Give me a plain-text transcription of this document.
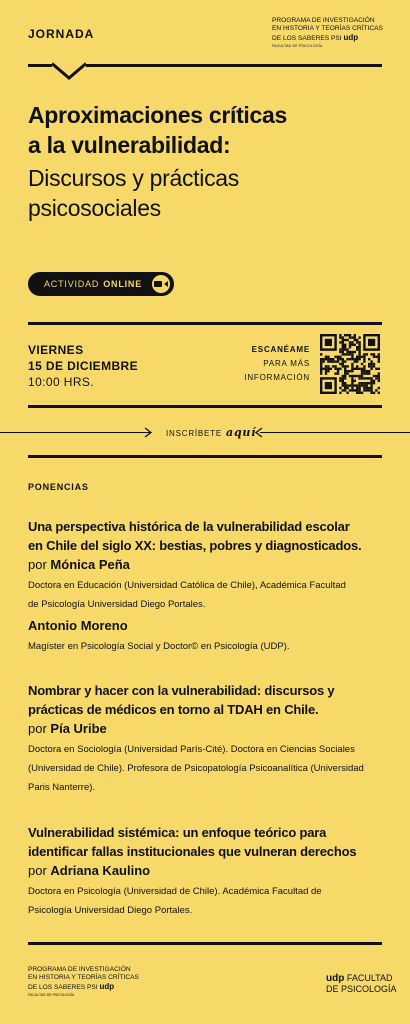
JORNADA
PROGRAMA DE INVESTIGACIÓN
EN HISTORIA Y TEORÍAS CRÍTICAS
DE LOS SABERES PSI udp
FACULTAD DE PSICOLOGÍA
Aproximaciones críticas
a la vulnerabilidad:
Discursos y prácticas
psicosociales
ACTIVIDAD ONLINE
VIERNES
15 DE DICIEMBRE
10:00 HRS.
ESCANÉAME
PARA MÁS
INFORMACIÓN
INSCRÍBETE aquí
PONENCIAS
Una perspectiva histórica de la vulnerabilidad escolar
en Chile del siglo XX: bestias, pobres y diagnosticados.
por Mónica Peña
Doctora en Educación (Universidad Católica de Chile), Académica Facultad
de Psicología Universidad Diego Portales.
Antonio Moreno
Magíster en Psicología Social y Doctor© en Psicología (UDP).
Nombrar y hacer con la vulnerabilidad: discursos y
prácticas de médicos en torno al TDAH en Chile.
por Pía Uribe
Doctora en Sociología (Universidad París-Cité). Doctora en Ciencias Sociales
(Universidad de Chile). Profesora de Psicopatología Psicoanalítica (Universidad
Paris Nanterre).
Vulnerabilidad sistémica: un enfoque teórico para
identificar fallas institucionales que vulneran derechos
por Adriana Kaulino
Doctora en Psicología (Universidad de Chile). Académica Facultad de
Psicología Universidad Diego Portales.
PROGRAMA DE INVESTIGACIÓN
EN HISTORIA Y TEORÍAS CRÍTICAS
DE LOS SABERES PSI udp
FACULTAD DE PSICOLOGÍA
udp FACULTAD
DE PSICOLOGÍA
